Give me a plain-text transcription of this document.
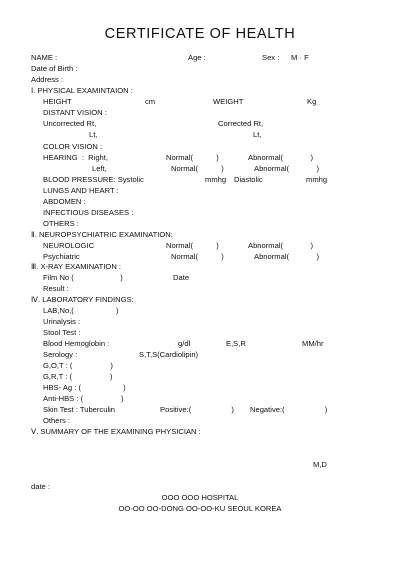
CERTIFICATE OF HEALTH
NAME :	Age :	Sex : M · F
Date of Birth :
Address :
Ⅰ. PHYSICAL EXAMINTAION :
HEIGHT	cm	WEIGHT	Kg
DISTANT VISION :
Uncorrected Rt,	Corrected Rt,
Lt,	Lt,
COLOR VISION :
HEARING  :  Right,	Normal(           )	Abnormal(             )
Left,	Normal(           )	Abnormal(             )
BLOOD PRESSURE: Systolic	mmhg Diastolic	mmhg
LUNGS AND HEART :
ABDOMEN :
INFECTIOUS DISEASES :
OTHERS :
Ⅱ. NEUROPSYCHIATRIC EXAMINATION:
NEUROLOGIC	Normal(           )	Abnormal(             )
Psychiatric	Normal(           )	Abnormal(             )
Ⅲ. X-RAY EXAMINATION :
Film No (                      )	Date
Result :
Ⅳ. LABORATORY FINDINGS:
LAB,No,(                    )
Urinalysis :
Stool Test :
Blood Hemoglobin :	g/dl	E,S,R	MM/hr
Serology :	S,T,S(Cardiolipin)
G,O,T : (                  )
G,R,T : (                  )
HBS- Ag : (                    )
Anti-HBS : (                  )
Skin Test : Tuberculin	Positive:(                   ) Negative:(                   )
Others :
Ⅴ. SUMMARY OF THE EXAMINING PHYSICIAN :
M,D
date :
OOO OOO HOSPITAL
OO-OO OO-DONG OO-OO-KU SEOUL KOREA
